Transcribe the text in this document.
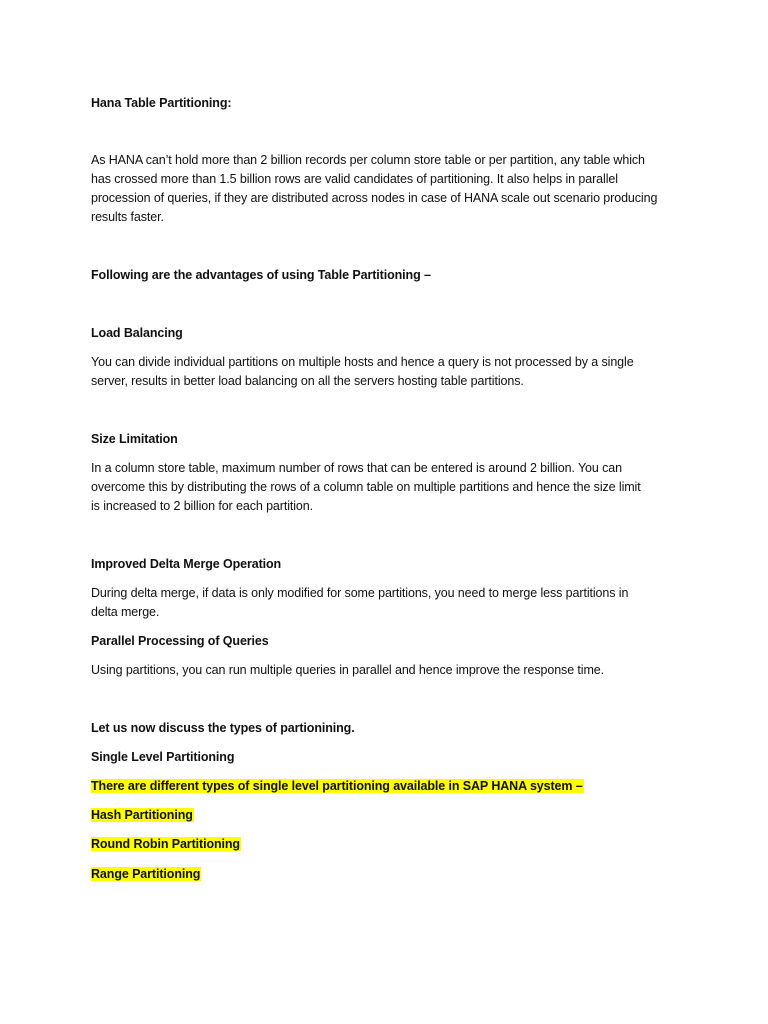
Hana Table Partitioning:
As HANA can’t hold more than 2 billion records per column store table or per partition, any table which
has crossed more than 1.5 billion rows are valid candidates of partitioning. It also helps in parallel
procession of queries, if they are distributed across nodes in case of HANA scale out scenario producing
results faster.
Following are the advantages of using Table Partitioning –
Load Balancing
You can divide individual partitions on multiple hosts and hence a query is not processed by a single
server, results in better load balancing on all the servers hosting table partitions.
Size Limitation
In a column store table, maximum number of rows that can be entered is around 2 billion. You can
overcome this by distributing the rows of a column table on multiple partitions and hence the size limit
is increased to 2 billion for each partition.
Improved Delta Merge Operation
During delta merge, if data is only modified for some partitions, you need to merge less partitions in
delta merge.
Parallel Processing of Queries
Using partitions, you can run multiple queries in parallel and hence improve the response time.
Let us now discuss the types of partionining.
Single Level Partitioning
There are different types of single level partitioning available in SAP HANA system –
Hash Partitioning
Round Robin Partitioning
Range Partitioning
